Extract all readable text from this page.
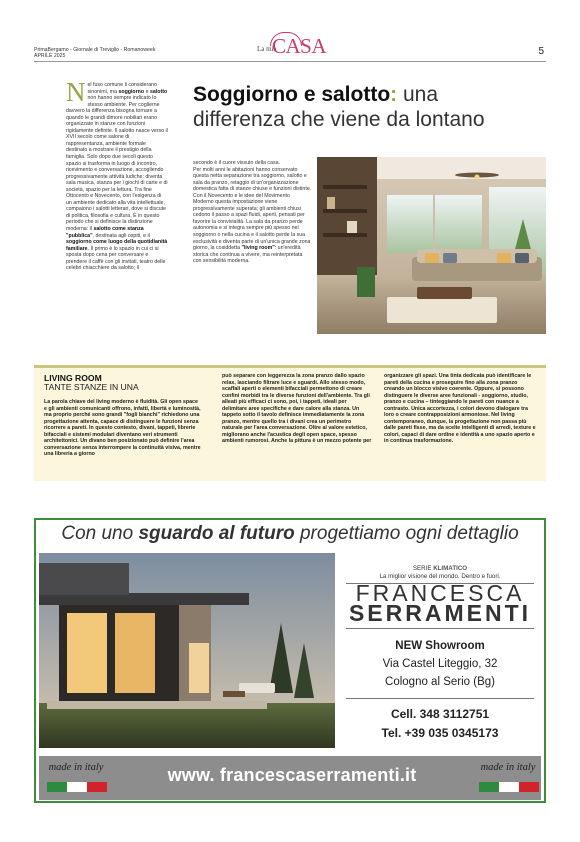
PrimaBergamo - Giornale di Treviglio - Romanoweek
APRILE 2025
La mia
CASA	5
Soggiorno e salotto: una
differenza che viene da lontano
N el fuso comune li considerano sinonimi, ma soggiorno e salotto non hanno sempre indicato lo stesso ambiente. Per coglierne davvero la differenza bisogna tornare a quando le grandi dimore nobiliari erano organizzate in stanze con funzioni rigidamente definite. Il salotto nasce verso il XVII secolo come salone di rappresentanza, ambiente formale destinato a mostrare il prestigio della famiglia. Solo dopo due secoli questo spazio si trasforma in luogo di incontro, ricevimento e conversazione, accogliendo progressivamente attività ludiche: diventa sala musica, stanza per i giochi di carte e di società, spazio per la lettura. Tra fine Ottocento e Novecento, con l'esigenza di un ambiente dedicato alla vita intellettuale, compaiono i salotti letterari, dove si discute di politica, filosofia e cultura. È in questo periodo che si definisce la distinzione moderna: il salotto come stanza "pubblica", destinata agli ospiti, e il soggiorno come luogo della quotidianità familiare. Il primo è lo spazio in cui ci si sposta dopo cena per conversare e prendere il caffè con gli invitati, teatro delle celebri chiacchiere da salotto; il
secondo è il cuore vissuto della casa.
Per molti anni le abitazioni hanno conservato questa netta separazione tra soggiorno, salotto e sala da pranzo, retaggio di un'organizzazione domestica fatta di stanze chiuse e funzioni distinte. Con il Novecento e le idee del Movimento Moderno questa impostazione viene progressivamente superata; gli ambienti chiusi cedono il passo a spazi fluidi, aperti, pensati per favorire la convivialità. La sala da pranzo perde autonomia e si integra sempre più spesso nel soggiorno o nella cucina e il salotto perde la sua esclusività e diventa parte di un'unica grande zona giorno, la cosiddetta "living room": un'eredità storica che continua a vivere, ma reinterpretata con sensibilità moderna.
LIVING ROOM
TANTE STANZE IN UNA
La parola chiave del living moderno è fluidità. Gli open space e gli ambienti comunicanti offrono, infatti, libertà e luminosità, ma proprio perché sono grandi "fogli bianchi" richiedono una progettazione attenta, capace di distinguere le funzioni senza ricorrere a pareti. In questo contesto, divani, tappeti, librerie bifacciali e sistemi modulari diventano veri strumenti architettonici. Un divano ben posizionato può definire l'area conversazione senza interrompere la continuità visiva, mentre una libreria a giorno
può separare con leggerezza la zona pranzo dallo spazio relax, lasciando filtrare luce e sguardi. Allo stesso modo, scaffali aperti o elementi bifacciali permettono di creare confini morbidi tra le diverse funzioni dell'ambiente. Tra gli alleati più efficaci ci sono, poi, i tappeti, ideali per delimitare aree specifiche e dare calore alla stanza. Un tappeto sotto il tavolo definisce immediatamente la zona pranzo, mentre quello tra i divani crea un perimetro naturale per l'area conversazione. Oltre al valore estetico, migliorano anche l'acustica degli open space, spesso ambienti rumorosi. Anche la pittura è un mezzo potente per
organizzare gli spazi. Una tinta dedicata può identificare le pareti della cucina e proseguire fino alla zona pranzo creando un blocco visivo coerente. Oppure, si possono distinguere le diverse aree funzionali - soggiorno, studio, pranzo e cucina – tinteggiando le pareti con nuance a contrasto. Unica accortezza, i colori devono dialogare tra loro o creare contrapposizioni armoniose. Nel living contemporaneo, dunque, la progettazione non passa più dalle pareti fisse, ma da scelte intelligenti di arredi, texture e colori, capaci di dare ordine e identità a uno spazio aperto e in continua trasformazione.
Con uno sguardo al futuro progettiamo ogni dettaglio
SERIE KLIMATICO
La miglior visione del mondo. Dentro e fuori.
FRANCESCA
SERRAMENTI
NEW Showroom
Via Castel Liteggio, 32
Cologno al Serio (Bg)
Cell. 348 3112751
Tel. +39 035 0345173
made in italy	www. francescaserramenti.it	made in italy
